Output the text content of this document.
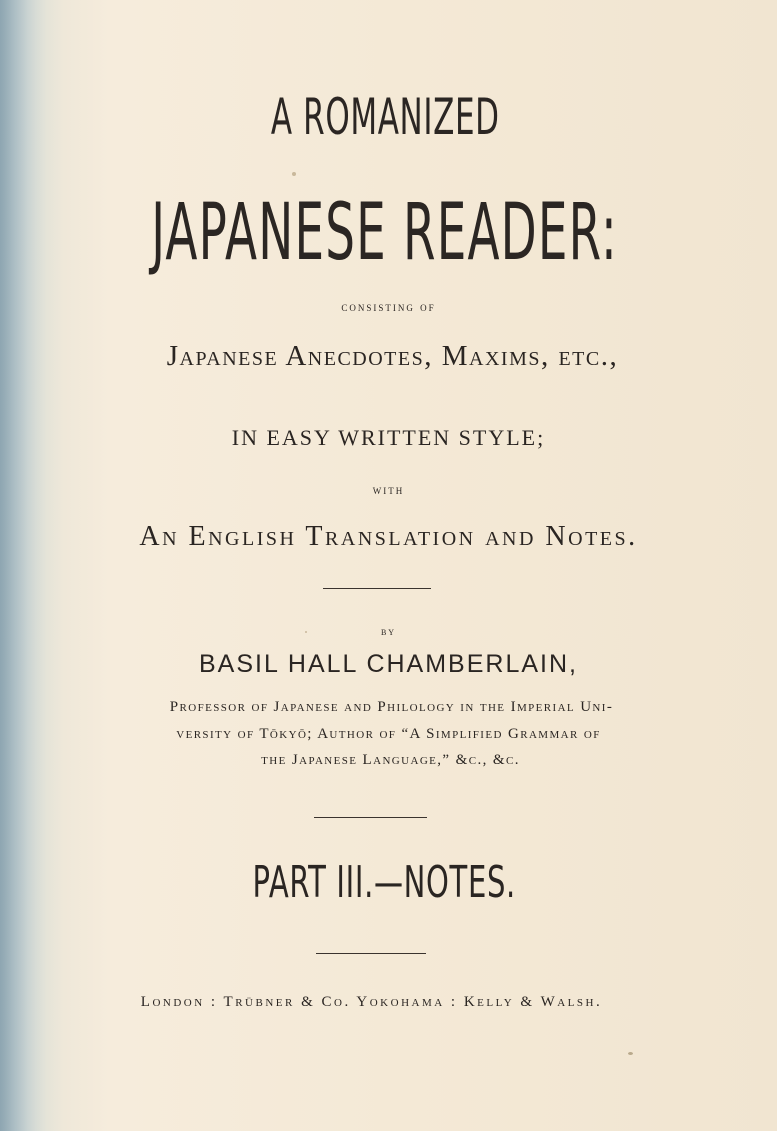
A ROMANIZED
JAPANESE READER:
consisting of
Japanese Anecdotes, Maxims, etc.,
IN EASY WRITTEN STYLE;
with
An English Translation and Notes.
by
BASIL HALL CHAMBERLAIN,
Professor of Japanese and Philology in the Imperial Uni-
versity of Tōkyō; Author of “A Simplified Grammar of
the Japanese Language,” &c., &c.
PART III.—NOTES.
London : Trübner & Co. Yokohama : Kelly & Walsh.
